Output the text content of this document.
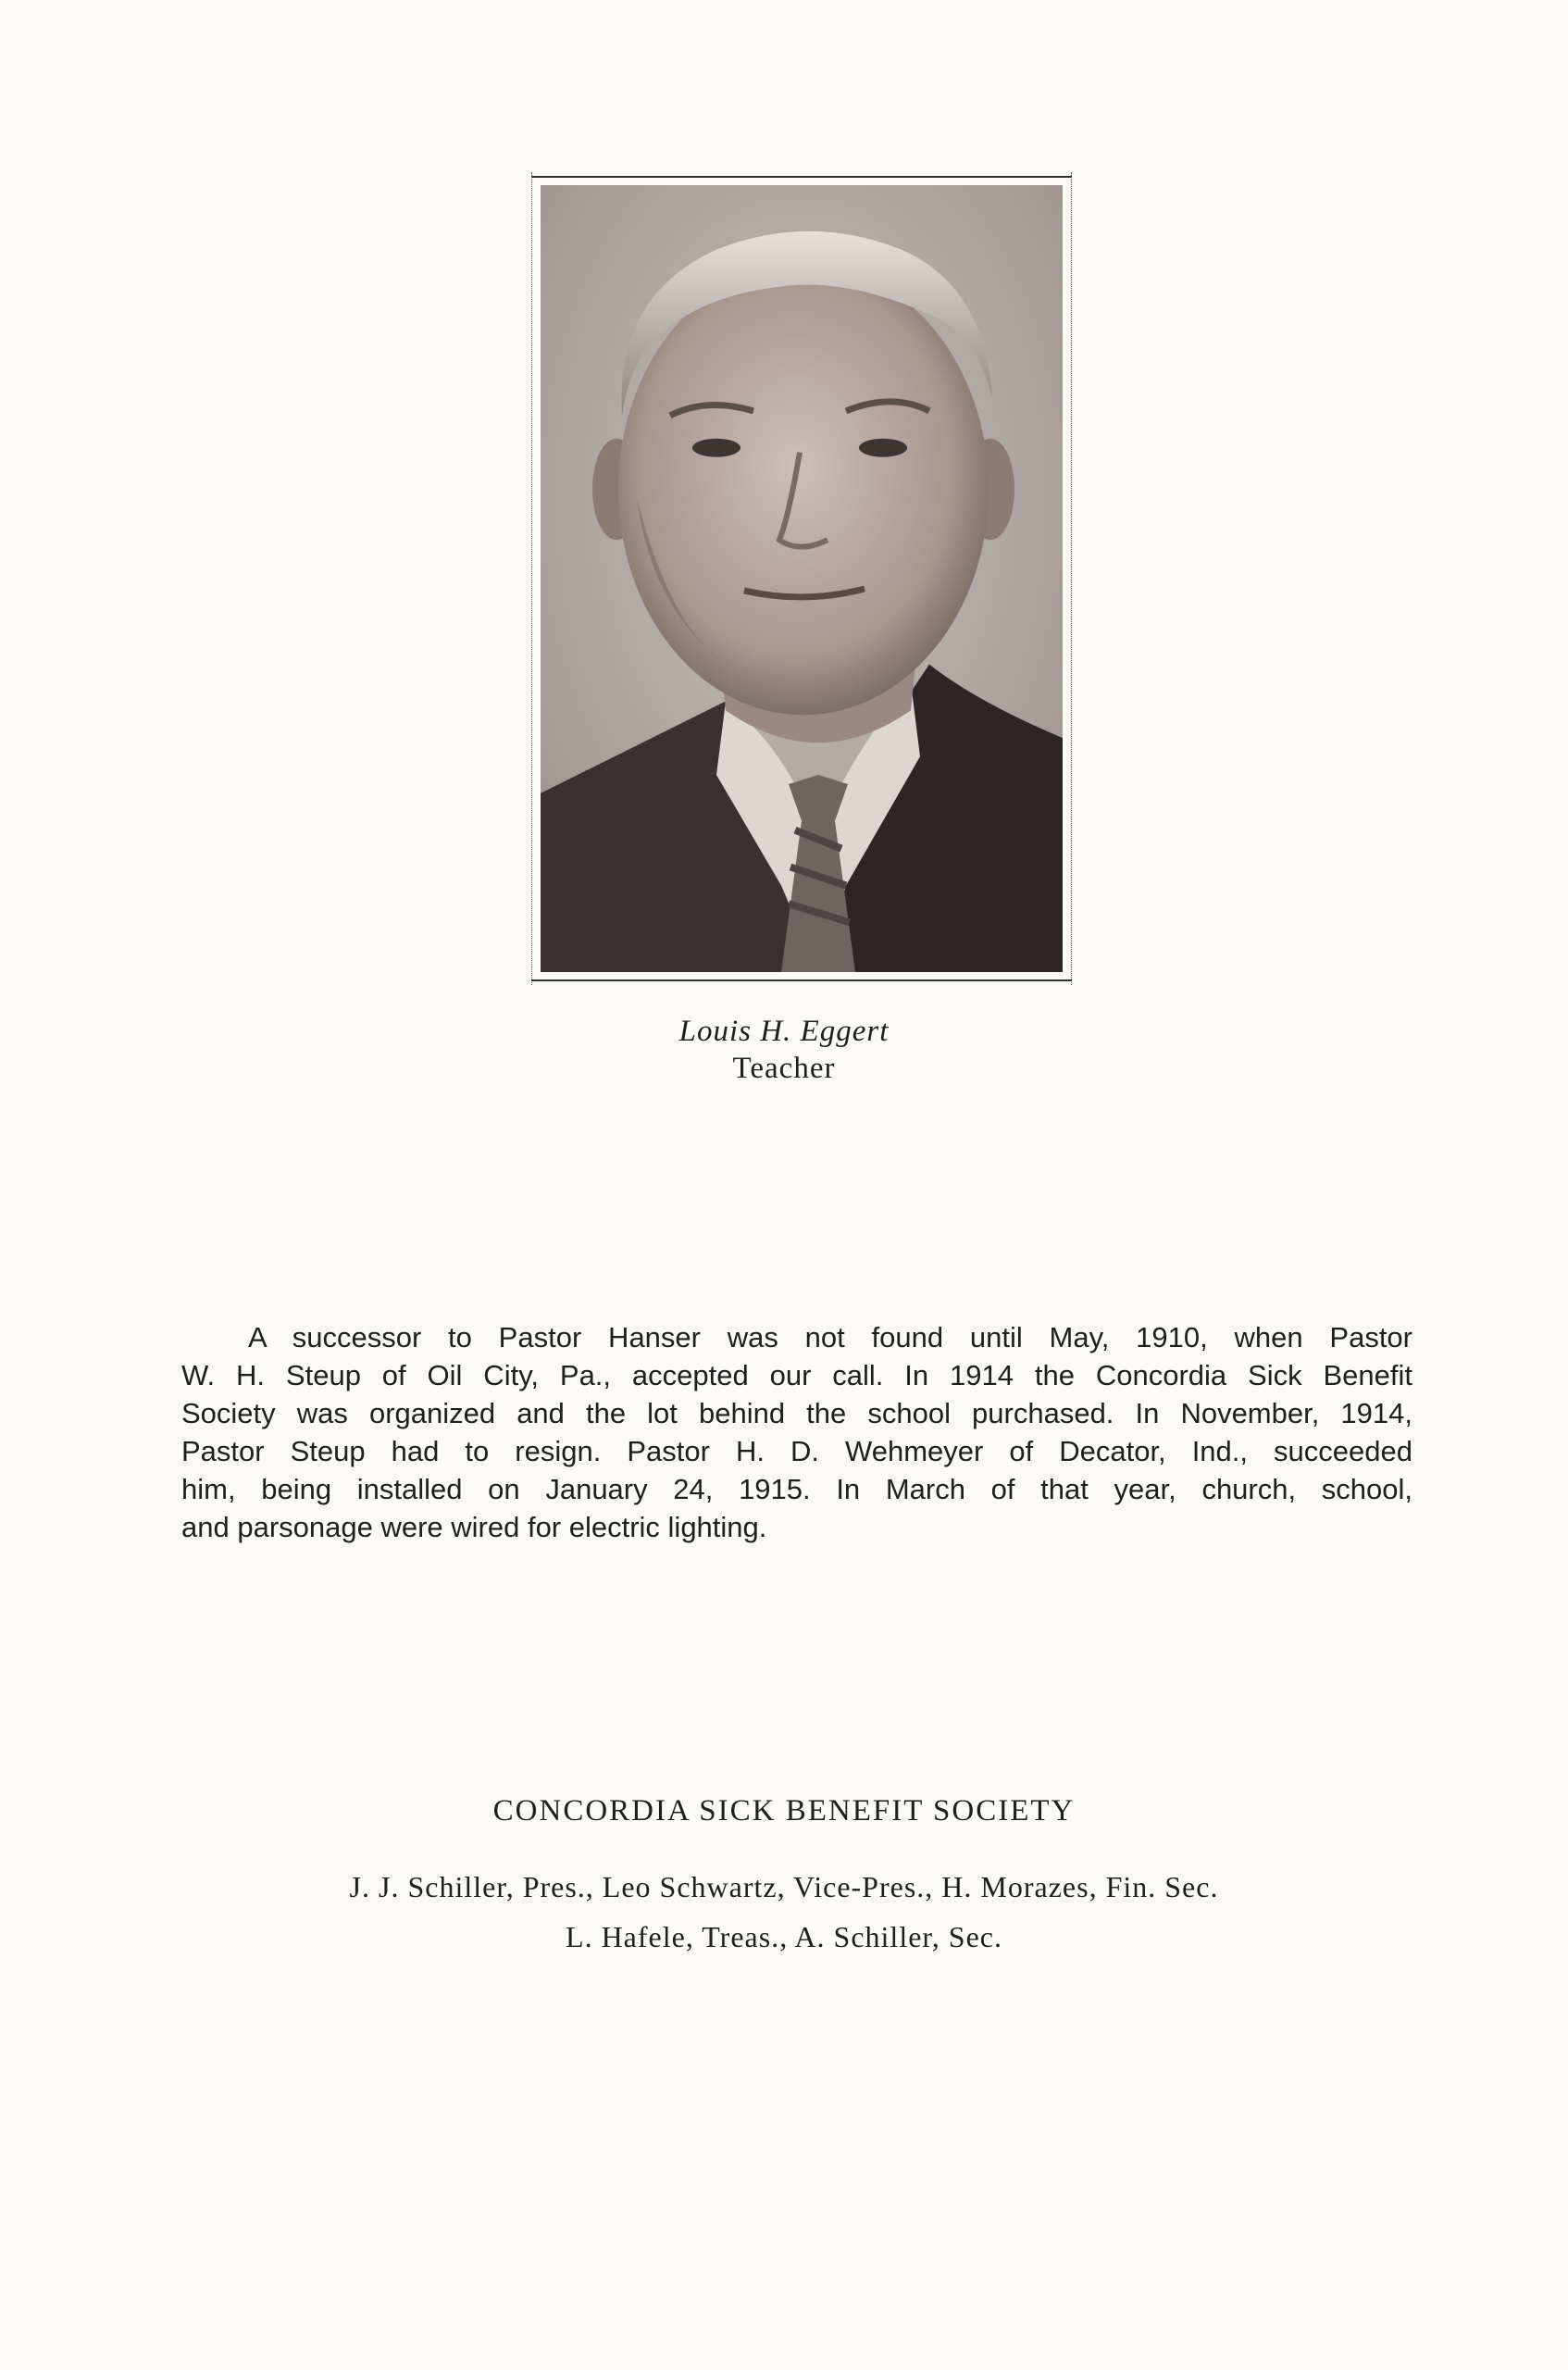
Louis H. Eggert
Teacher
A successor to Pastor Hanser was not found until May, 1910, when Pastor
W. H. Steup of Oil City, Pa., accepted our call. In 1914 the Concordia Sick Benefit
Society was organized and the lot behind the school purchased. In November, 1914,
Pastor Steup had to resign. Pastor H. D. Wehmeyer of Decator, Ind., succeeded
him, being installed on January 24, 1915. In March of that year, church, school,
and parsonage were wired for electric lighting.
CONCORDIA SICK BENEFIT SOCIETY
J. J. Schiller, Pres., Leo Schwartz, Vice-Pres., H. Morazes, Fin. Sec.
L. Hafele, Treas., A. Schiller, Sec.
